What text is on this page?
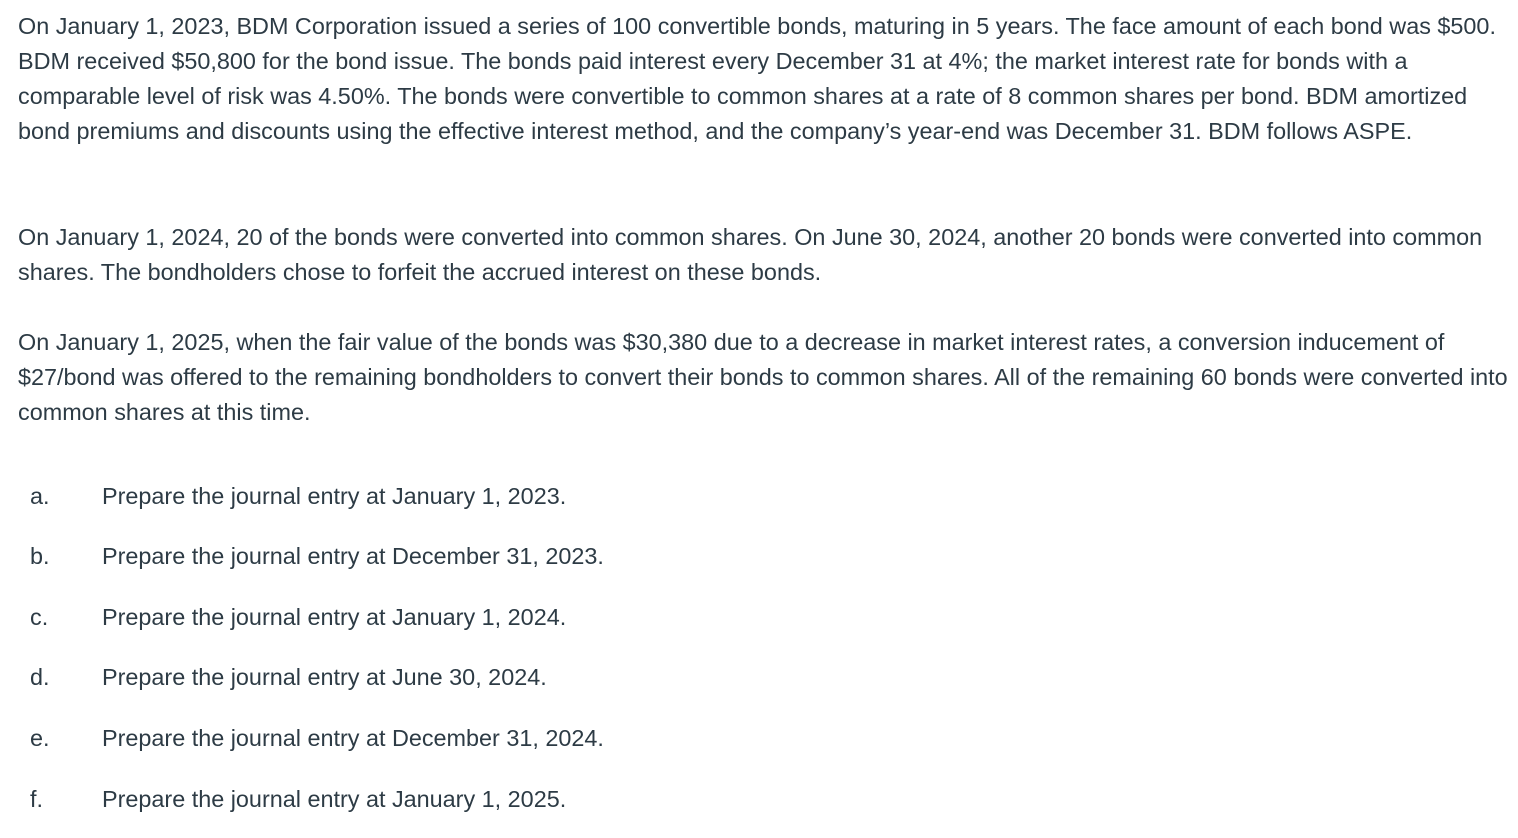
On January 1, 2023, BDM Corporation issued a series of 100 convertible bonds, maturing in 5 years. The face amount of each bond was $500. BDM received $50,800 for the bond issue. The bonds paid interest every December 31 at 4%; the market interest rate for bonds with a comparable level of risk was 4.50%. The bonds were convertible to common shares at a rate of 8 common shares per bond. BDM amortized bond premiums and discounts using the effective interest method, and the company’s year-end was December 31. BDM follows ASPE.

On January 1, 2024, 20 of the bonds were converted into common shares. On June 30, 2024, another 20 bonds were converted into common shares. The bondholders chose to forfeit the accrued interest on these bonds.

On January 1, 2025, when the fair value of the bonds was $30,380 due to a decrease in market interest rates, a conversion inducement of $27/bond was offered to the remaining bondholders to convert their bonds to common shares. All of the remaining 60 bonds were converted into common shares at this time.

a.	Prepare the journal entry at January 1, 2023.
b.	Prepare the journal entry at December 31, 2023.
c.	Prepare the journal entry at January 1, 2024.
d.	Prepare the journal entry at June 30, 2024.
e.	Prepare the journal entry at December 31, 2024.
f.	Prepare the journal entry at January 1, 2025.
